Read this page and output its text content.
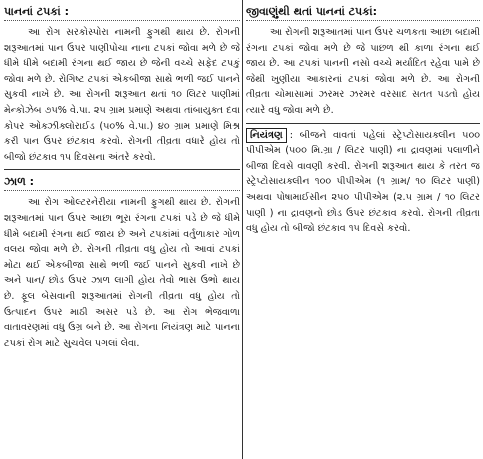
પાનનાં ટપકાં :

આ રોગ સરકોસ્પોરા નામની ફુગથી થાય છે. રોગની શરૂઆતમાં પાન ઉપર પાણીપોચા નાના ટપકાં જોવા મળે છે જે ધીમે ધીમે બદામી રંગના થઈ જાય છે જેની વચ્ચે સફેદ ટપકું જોવા મળે છે. રોગિષ્ટ ટપકાં એકબીજા સાથે ભળી જઈ પાનને સુકવી નાખે છે. આ રોગની શરૂઆત થતાં ૧૦ લિટર પાણીમાં મેન્કોઝેબ ૭૫% વે.પા. ૨૫ ગ્રામ પ્રમાણે અથવા તાંબાયુક્ત દવા કોપર ઓક્ઝીક્લોરાઈડ (૫૦% વે.પા.) ૪૦ ગ્રામ પ્રમાણે મિશ્ર કરી પાન ઉપર છંટકાવ કરવો. રોગની તીવ્રતા વધારે હોય તો બીજો છંટકાવ ૧૫ દિવસના અંતરે કરવો.

ઝાળ :

આ રોગ ઓલ્ટરનેરીયા નામની ફુગથી થાય છે. રોગની શરૂઆતમાં પાન ઉપર આછા ભૂરા રંગના ટપકાં પડે છે જે ધીમે ધીમે બદામી રંગના થઈ જાય છે અને ટપકાંમાં વર્તુળાકાર ગોળ વલય જોવા મળે છે. રોગની તીવ્રતા વધુ હોય તો આવાં ટપકાં મોટા થઈ એકબીજા સાથે ભળી જઈ પાનને સુકવી નાખે છે અને પાન/ છોડ ઉપર ઝાળ લાગી હોય તેવો ભાસ ઉભો થાય છે. ફૂલ બેસવાની શરૂઆતમાં રોગની તીવ્રતા વધુ હોય તો ઉત્પાદન ઉપર માઠી અસર પડે છે. આ રોગ ભેજવાળા વાતાવરણમાં વધુ ઉગ્ર બને છે. આ રોગના નિયંત્રણ માટે પાનના ટપકાં રોગ માટે સુચવેલ પગલાં લેવા.

જીવાણુંથી થતાં પાનનાં ટપકાં:

આ રોગની શરૂઆતમાં પાન ઉપર ચળકતા આછા બદામી રંગના ટપકાં જોવા મળે છે જે પાછળ થી કાળા રંગના થઈ જાય છે. આ ટપકાં પાનની નસો વચ્ચે મર્યાદિત રહેવા પામે છે જેથી ખુણીયા આકારનાં ટપકાં જોવા મળે છે. આ રોગની તીવ્રતા ચોમાસામાં ઝરમર ઝરમર વરસાદ સતત પડતો હોય ત્યારે વધુ જોવા મળે છે.

નિયંત્રણ : બીજને વાવતાં પહેલાં સ્ટ્રેપ્ટોસાયક્લીન ૫૦૦ પીપીએમ (૫૦૦ મિ.ગ્રા / લિટર પાણી) ના દ્રાવણમાં પલાળીને બીજા દિવસે વાવણી કરવી. રોગની શરૂઆત થાય કે તરત જ સ્ટ્રેપ્ટોસાયક્લીન ૧૦૦ પીપીએમ (૧ ગ્રામ/ ૧૦ લિટર પાણી) અથવા પોષામાઈસીન ૨૫૦ પીપીએમ (૨.૫ ગ્રામ / ૧૦ લિટર પાણી ) ના દ્રાવણનો છોડ ઉપર છંટકાવ કરવો. રોગની તીવ્રતા વધુ હોય તો બીજો છંટકાવ ૧૫ દિવસે કરવો.
